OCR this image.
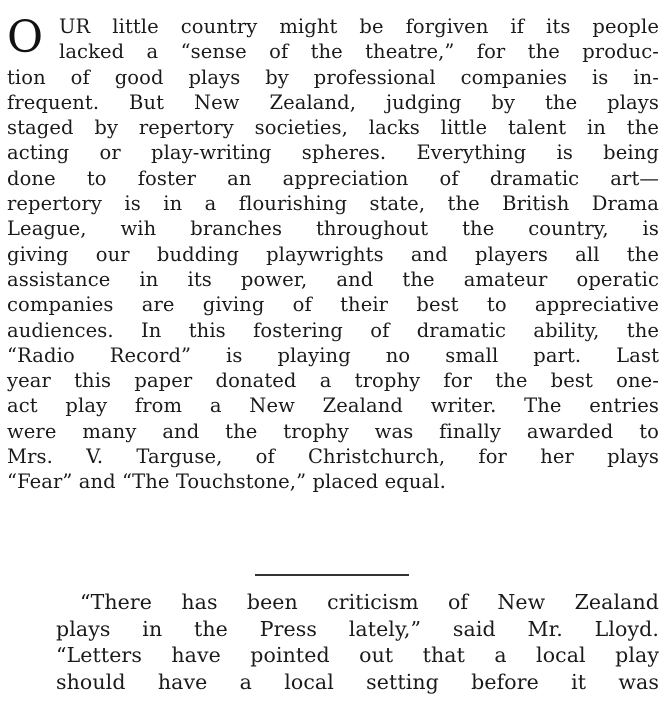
O UR little country might be forgiven if its people
lacked a “sense of the theatre,” for the produc-
tion of good plays by professional companies is in-
frequent. But New Zealand, judging by the plays
staged by repertory societies, lacks little talent in the
acting or play-writing spheres. Everything is being
done to foster an appreciation of dramatic art—
repertory is in a flourishing state, the British Drama
League, wih branches throughout the country, is
giving our budding playwrights and players all the
assistance in its power, and the amateur operatic
companies are giving of their best to appreciative
audiences. In this fostering of dramatic ability, the
“Radio Record” is playing no small part. Last
year this paper donated a trophy for the best one-
act play from a New Zealand writer. The entries
were many and the trophy was finally awarded to
Mrs. V. Targuse, of Christchurch, for her plays
“Fear” and “The Touchstone,” placed equal.
“There has been criticism of New Zealand
plays in the Press lately,” said Mr. Lloyd.
“Letters have pointed out that a local play
should have a local setting before it was
